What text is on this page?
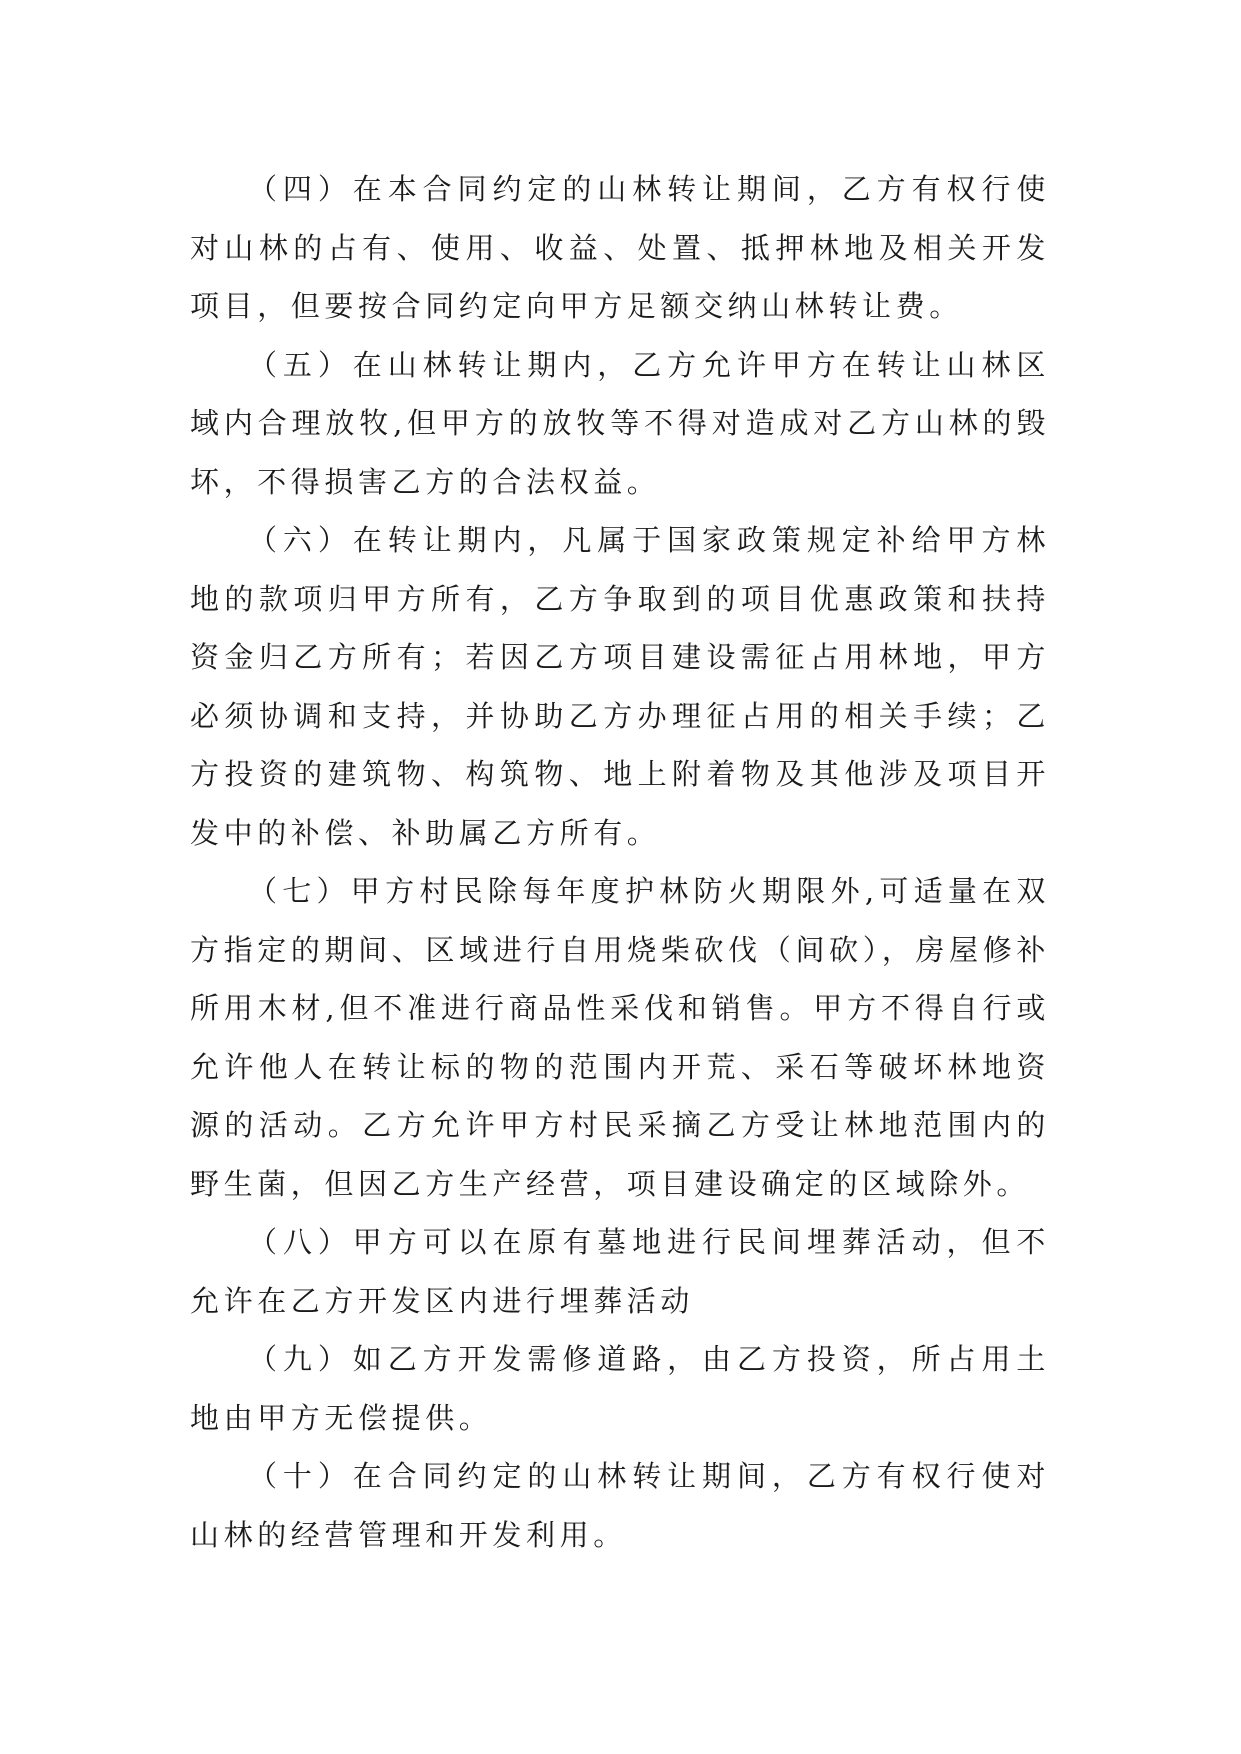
（四）在本合同约定的山林转让期间，乙方有权行使对山林的占有、使用、收益、处置、抵押林地及相关开发项目，但要按合同约定向甲方足额交纳山林转让费。

（五）在山林转让期内，乙方允许甲方在转让山林区域内合理放牧,但甲方的放牧等不得对造成对乙方山林的毁坏，不得损害乙方的合法权益。

（六）在转让期内，凡属于国家政策规定补给甲方林地的款项归甲方所有，乙方争取到的项目优惠政策和扶持资金归乙方所有；若因乙方项目建设需征占用林地，甲方必须协调和支持，并协助乙方办理征占用的相关手续；乙方投资的建筑物、构筑物、地上附着物及其他涉及项目开发中的补偿、补助属乙方所有。

（七）甲方村民除每年度护林防火期限外,可适量在双方指定的期间、区域进行自用烧柴砍伐（间砍），房屋修补所用木材,但不准进行商品性采伐和销售。甲方不得自行或允许他人在转让标的物的范围内开荒、采石等破坏林地资源的活动。乙方允许甲方村民采摘乙方受让林地范围内的野生菌，但因乙方生产经营，项目建设确定的区域除外。

（八）甲方可以在原有墓地进行民间埋葬活动，但不允许在乙方开发区内进行埋葬活动

（九）如乙方开发需修道路，由乙方投资，所占用土地由甲方无偿提供。

（十）在合同约定的山林转让期间，乙方有权行使对山林的经营管理和开发利用。
